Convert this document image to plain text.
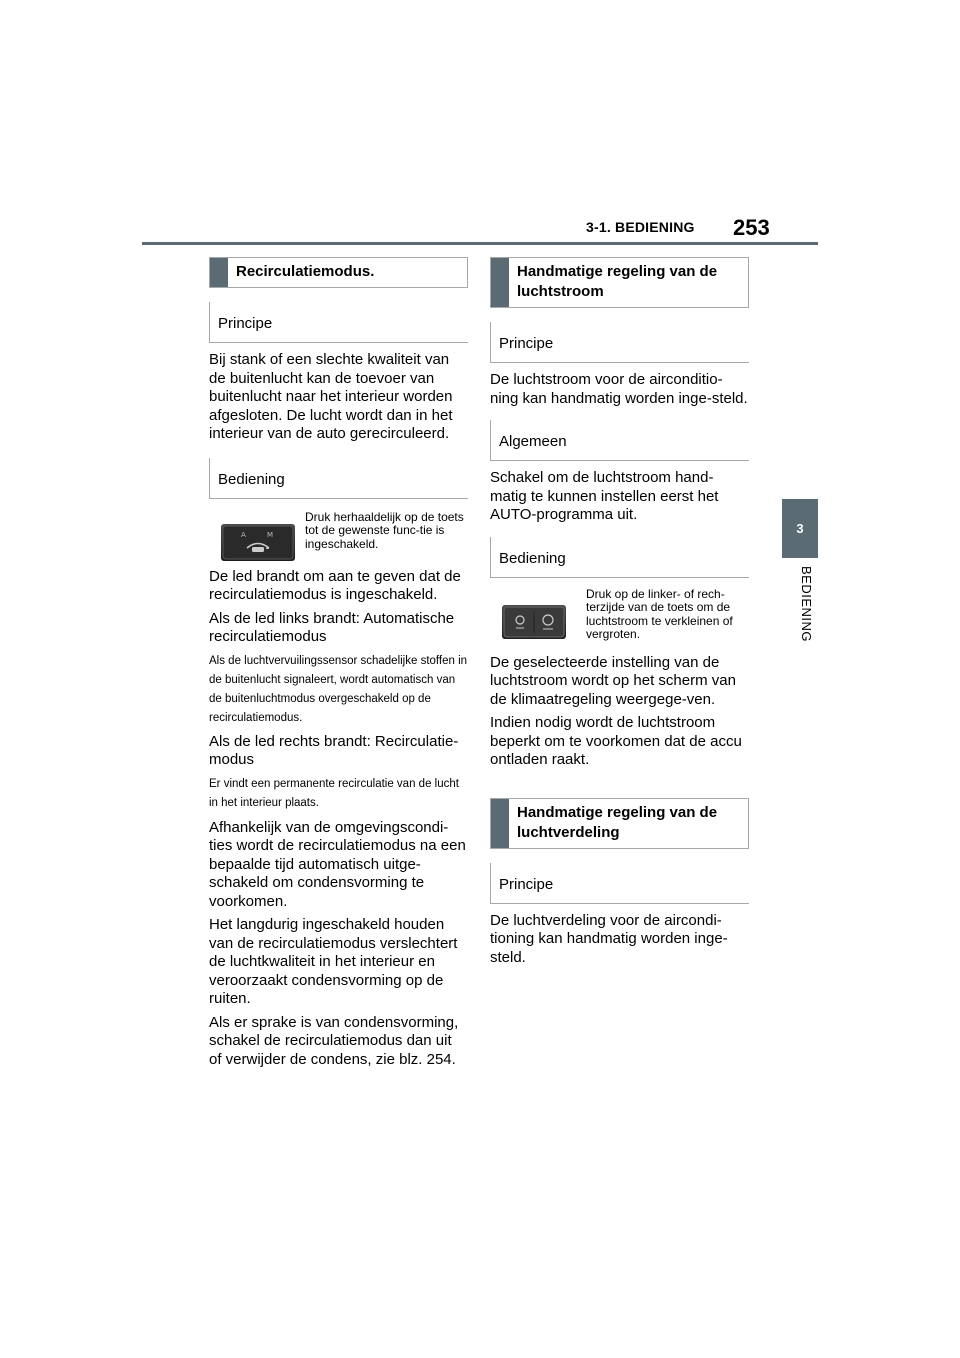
3-1. BEDIENING 253
3
BEDIENING
Recirculatiemodus.
Principe

Bij stank of een slechte kwaliteit van de buitenlucht kan de toevoer van buitenlucht naar het interieur worden afgesloten. De lucht wordt dan in het interieur van de auto gerecirculeerd.

Bediening
A	M
Druk herhaaldelijk op de toets tot de gewenste func-tie is ingeschakeld.

De led brandt om aan te geven dat de recirculatiemodus is ingeschakeld.

Als de led links brandt: Automatische recirculatiemodus

Als de luchtvervuilingssensor schadelijke stoffen in de buitenlucht signaleert, wordt automatisch van de buitenluchtmodus overgeschakeld op de recirculatiemodus.

Als de led rechts brandt: Recirculatie-modus

Er vindt een permanente recirculatie van de lucht in het interieur plaats.

Afhankelijk van de omgevingscondi-ties wordt de recirculatiemodus na een bepaalde tijd automatisch uitge-schakeld om condensvorming te voorkomen.

Het langdurig ingeschakeld houden van de recirculatiemodus verslechtert de luchtkwaliteit in het interieur en veroorzaakt condensvorming op de ruiten.

Als er sprake is van condensvorming, schakel de recirculatiemodus dan uit of verwijder de condens, zie blz. 254.

Handmatige regeling van de luchtstroom
Principe

De luchtstroom voor de airconditio-ning kan handmatig worden inge-steld.

Algemeen

Schakel om de luchtstroom hand-matig te kunnen instellen eerst het AUTO-programma uit.

Bediening
Druk op de linker- of rech-terzijde van de toets om de luchtstroom te verkleinen of vergroten.

De geselecteerde instelling van de luchtstroom wordt op het scherm van de klimaatregeling weergege-ven.

Indien nodig wordt de luchtstroom beperkt om te voorkomen dat de accu ontladen raakt.

Handmatige regeling van de luchtverdeling
Principe

De luchtverdeling voor de aircondi-tioning kan handmatig worden inge-steld.
